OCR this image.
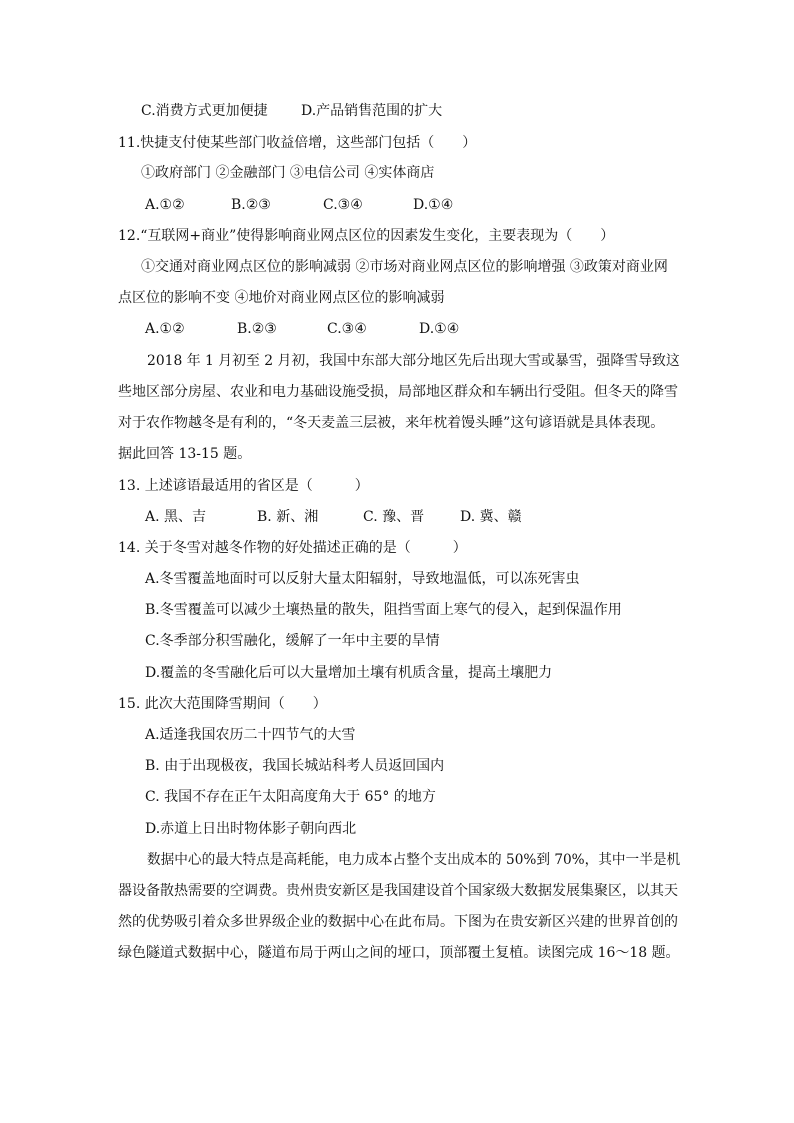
C.消费方式更加便捷 D.产品销售范围的扩大
11.快捷支付使某些部门收益倍增，这些部门包括（　　）
①政府部门 ②金融部门 ③电信公司 ④实体商店
A.①②	B.②③	C.③④	D.①④
12.“互联网+商业”使得影响商业网点区位的因素发生变化，主要表现为（　　）
①交通对商业网点区位的影响减弱 ②市场对商业网点区位的影响增强 ③政策对商业网
点区位的影响不变 ④地价对商业网点区位的影响减弱
A.①②	B.②③	C.③④	D.①④
2018 年 1 月初至 2 月初，我国中东部大部分地区先后出现大雪或暴雪，强降雪导致这
些地区部分房屋、农业和电力基础设施受损，局部地区群众和车辆出行受阻。但冬天的降雪
对于农作物越冬是有利的，“冬天麦盖三层被，来年枕着馒头睡”这句谚语就是具体表现。
据此回答 13-15 题。
13. 上述谚语最适用的省区是（　　　）
A. 黑、吉	B. 新、湘	C. 豫、晋	D. 冀、赣
14. 关于冬雪对越冬作物的好处描述正确的是（　　　）
A.冬雪覆盖地面时可以反射大量太阳辐射，导致地温低，可以冻死害虫
B.冬雪覆盖可以减少土壤热量的散失，阻挡雪面上寒气的侵入，起到保温作用
C.冬季部分积雪融化，缓解了一年中主要的旱情
D.覆盖的冬雪融化后可以大量增加土壤有机质含量，提高土壤肥力
15. 此次大范围降雪期间（　　）
A.适逢我国农历二十四节气的大雪
B. 由于出现极夜，我国长城站科考人员返回国内
C. 我国不存在正午太阳高度角大于 65° 的地方
D.赤道上日出时物体影子朝向西北
数据中心的最大特点是高耗能，电力成本占整个支出成本的 50%到 70%，其中一半是机
器设备散热需要的空调费。贵州贵安新区是我国建设首个国家级大数据发展集聚区，以其天
然的优势吸引着众多世界级企业的数据中心在此布局。下图为在贵安新区兴建的世界首创的
绿色隧道式数据中心，隧道布局于两山之间的垭口，顶部覆土复植。读图完成 16～18 题。
